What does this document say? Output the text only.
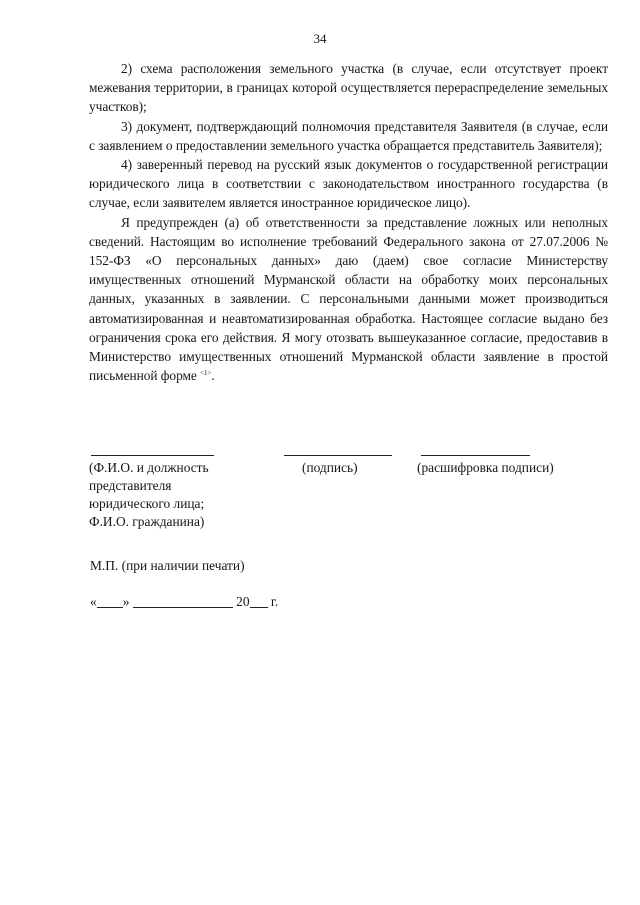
34

2) схема расположения земельного участка (в случае, если отсутствует проект межевания территории, в границах которой осуществляется перераспределение земельных участков);

3) документ, подтверждающий полномочия представителя Заявителя (в случае, если с заявлением о предоставлении земельного участка обращается представитель Заявителя);

4) заверенный перевод на русский язык документов о государственной регистрации юридического лица в соответствии с законодательством иностранного государства (в случае, если заявителем является иностранное юридическое лицо).

Я предупрежден (а) об ответственности за представление ложных или неполных сведений. Настоящим во исполнение требований Федерального закона от 27.07.2006 № 152-ФЗ «О персональных данных» даю (даем) свое согласие Министерству имущественных отношений Мурманской области на обработку моих персональных данных, указанных в заявлении. С персональными данными может производиться автоматизированная и неавтоматизированная обработка. Настоящее согласие выдано без ограничения срока его действия. Я могу отозвать вышеуказанное согласие, предоставив в Министерство имущественных отношений Мурманской области заявление в простой письменной форме $^{<1>}$.

(Ф.И.О. и должность
представителя
юридического лица;
Ф.И.О. гражданина)
(подпись)	(расшифровка подписи)
М.П. (при наличии печати)
« »	20 г.
